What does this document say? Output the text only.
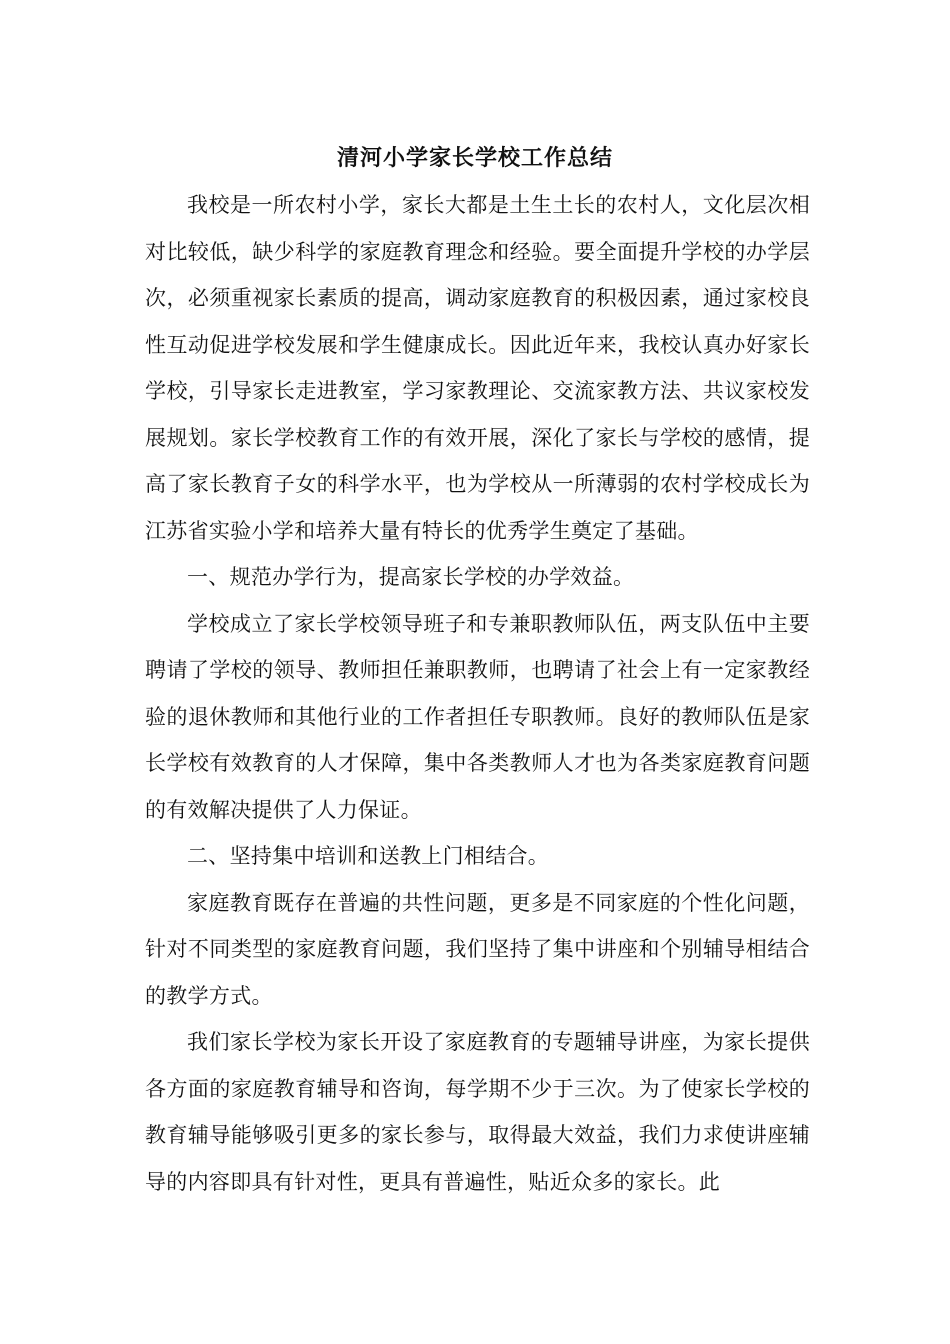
清河小学家长学校工作总结

我校是一所农村小学，家长大都是土生土长的农村人，文化层次相对比较低，缺少科学的家庭教育理念和经验。要全面提升学校的办学层次，必须重视家长素质的提高，调动家庭教育的积极因素，通过家校良性互动促进学校发展和学生健康成长。因此近年来，我校认真办好家长学校，引导家长走进教室，学习家教理论、交流家教方法、共议家校发展规划。家长学校教育工作的有效开展，深化了家长与学校的感情，提高了家长教育子女的科学水平，也为学校从一所薄弱的农村学校成长为江苏省实验小学和培养大量有特长的优秀学生奠定了基础。

一、规范办学行为，提高家长学校的办学效益。

学校成立了家长学校领导班子和专兼职教师队伍，两支队伍中主要聘请了学校的领导、教师担任兼职教师，也聘请了社会上有一定家教经验的退休教师和其他行业的工作者担任专职教师。良好的教师队伍是家长学校有效教育的人才保障，集中各类教师人才也为各类家庭教育问题的有效解决提供了人力保证。

二、坚持集中培训和送教上门相结合。

家庭教育既存在普遍的共性问题，更多是不同家庭的个性化问题，针对不同类型的家庭教育问题，我们坚持了集中讲座和个别辅导相结合的教学方式。

我们家长学校为家长开设了家庭教育的专题辅导讲座，为家长提供各方面的家庭教育辅导和咨询，每学期不少于三次。为了使家长学校的教育辅导能够吸引更多的家长参与，取得最大效益，我们力求使讲座辅导的内容即具有针对性，更具有普遍性，贴近众多的家长。此
